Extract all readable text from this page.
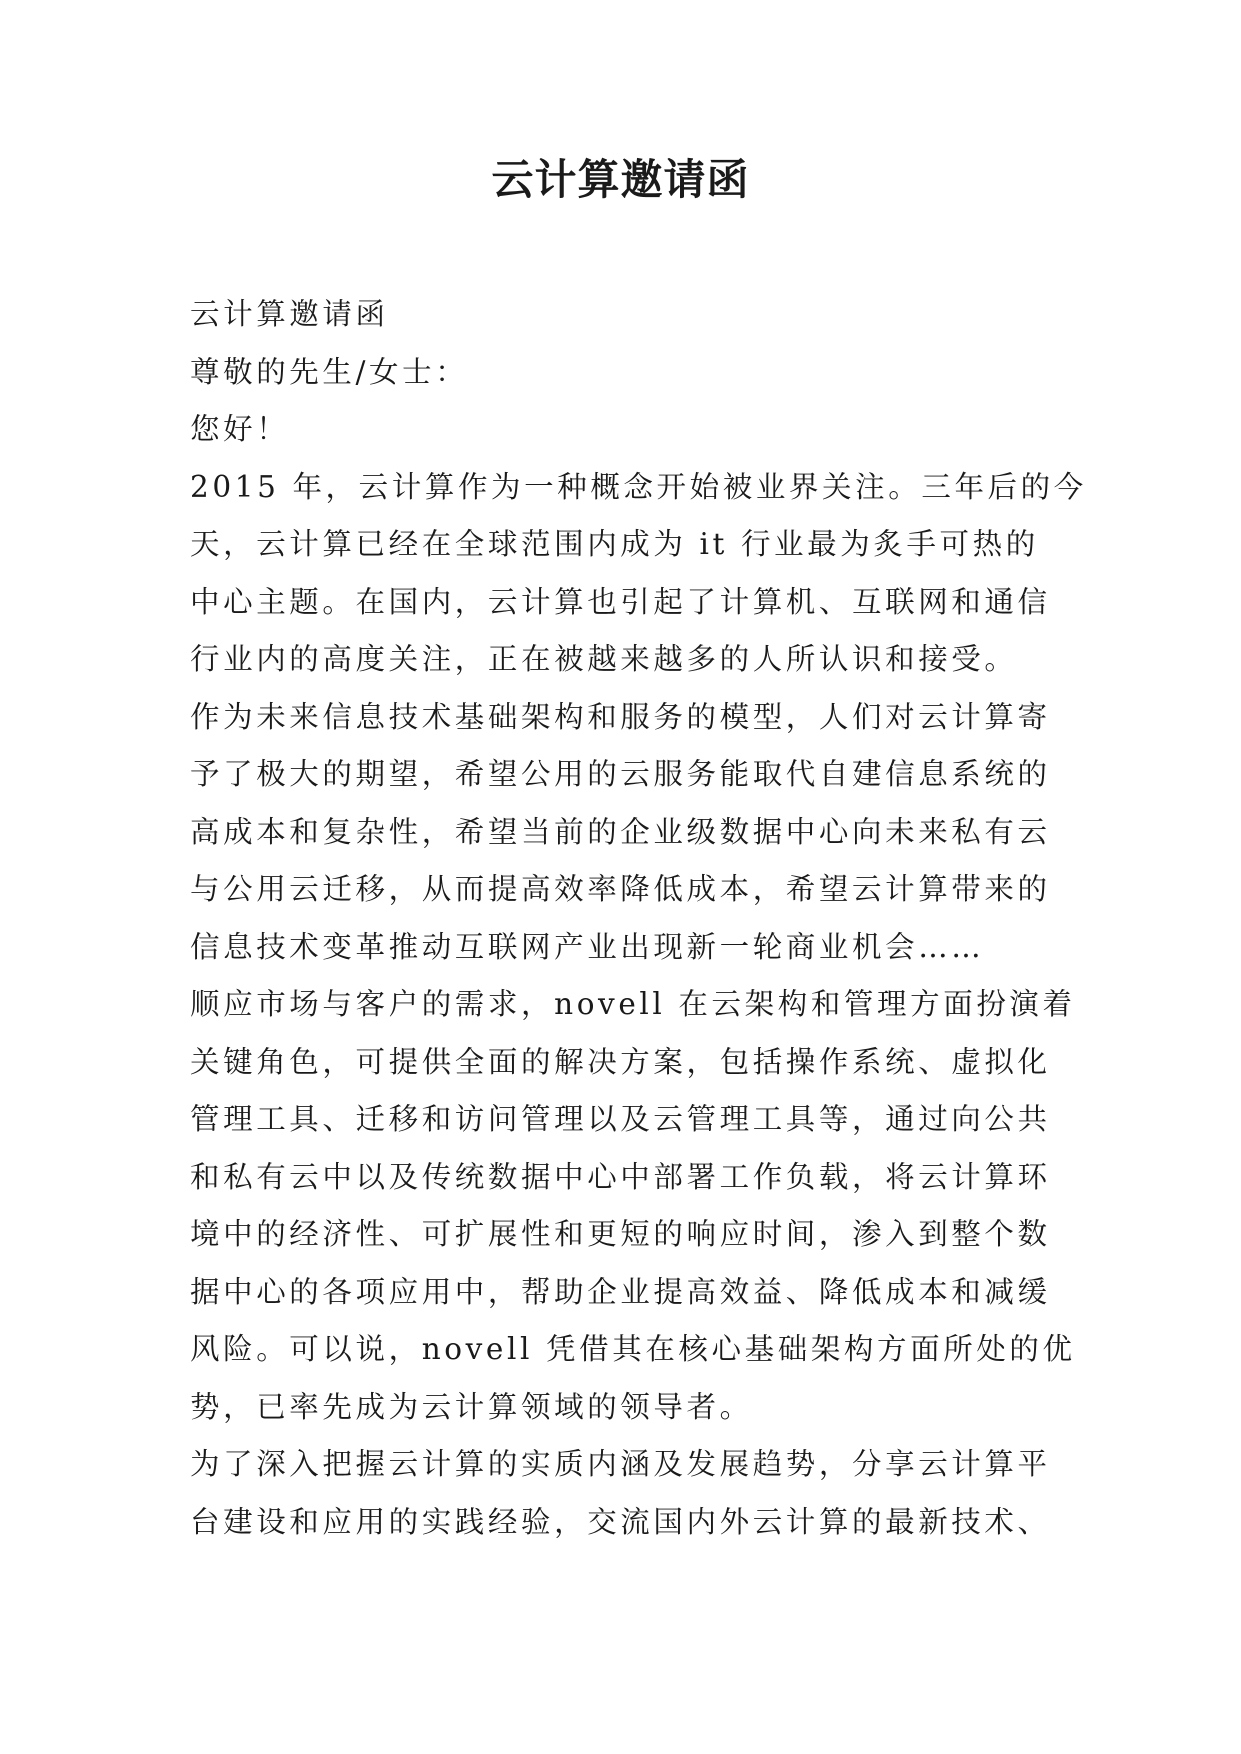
云计算邀请函
云计算邀请函
尊敬的先生/女士：
您好！
2015 年，云计算作为一种概念开始被业界关注。三年后的今
天，云计算已经在全球范围内成为 it 行业最为炙手可热的
中心主题。在国内，云计算也引起了计算机、互联网和通信
行业内的高度关注，正在被越来越多的人所认识和接受。
作为未来信息技术基础架构和服务的模型，人们对云计算寄
予了极大的期望，希望公用的云服务能取代自建信息系统的
高成本和复杂性，希望当前的企业级数据中心向未来私有云
与公用云迁移，从而提高效率降低成本，希望云计算带来的
信息技术变革推动互联网产业出现新一轮商业机会……
顺应市场与客户的需求，novell 在云架构和管理方面扮演着
关键角色，可提供全面的解决方案，包括操作系统、虚拟化
管理工具、迁移和访问管理以及云管理工具等，通过向公共
和私有云中以及传统数据中心中部署工作负载，将云计算环
境中的经济性、可扩展性和更短的响应时间，渗入到整个数
据中心的各项应用中，帮助企业提高效益、降低成本和减缓
风险。可以说，novell 凭借其在核心基础架构方面所处的优
势，已率先成为云计算领域的领导者。
为了深入把握云计算的实质内涵及发展趋势，分享云计算平
台建设和应用的实践经验，交流国内外云计算的最新技术、
